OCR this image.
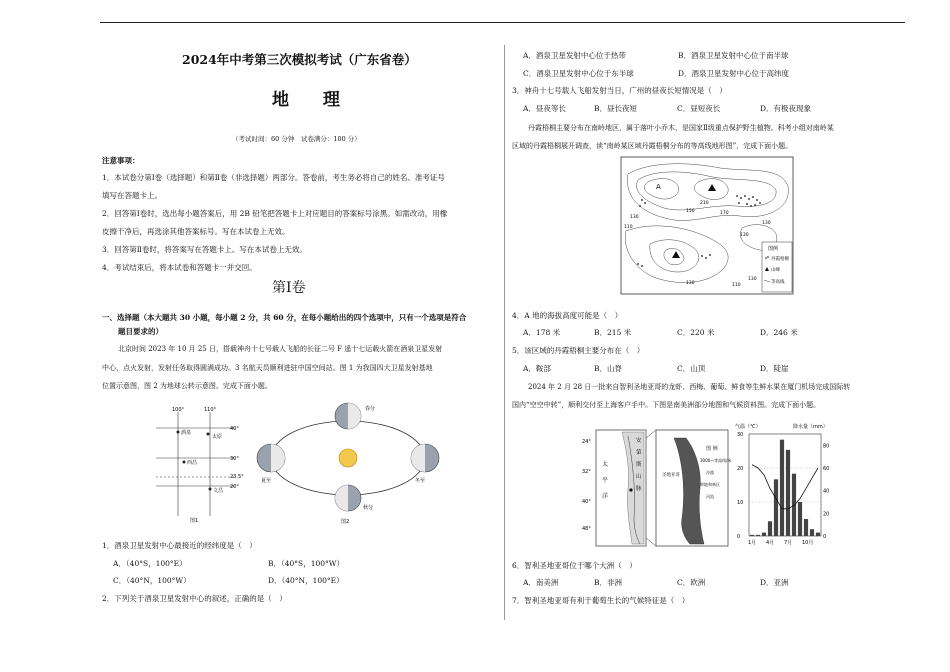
2024年中考第三次模拟考试（广东省卷）
地 理
（考试时间：60 分钟　试卷满分：100 分）
注意事项：
1．本试卷分第Ⅰ卷（选择题）和第Ⅱ卷（非选择题）两部分。答卷前，考生务必将自己的姓名、准考证号
填写在答题卡上。
2．回答第Ⅰ卷时，选出每小题答案后，用 2B 铅笔把答题卡上对应题目的答案标号涂黑。如需改动，用橡
皮擦干净后，再选涂其他答案标号。写在本试卷上无效。
3．回答第Ⅱ卷时，将答案写在答题卡上。写在本试卷上无效。
4．考试结束后，将本试卷和答题卡一并交回。
第Ⅰ卷
一、选择题（本大题共 30 小题，每小题 2 分，共 60 分，在每小题给出的四个选项中，只有一个选项是符合
题目要求的）
北京时间 2023 年 10 月 25 日，搭载神舟十七号载人飞船的长征二号 F 遥十七运载火箭在酒泉卫星发射
中心，点火发射，发射任务取得圆满成功。3 名航天员顺利进驻中国空间站。图 1 为我国四大卫星发射基地
位置示意图，图 2 为地球公转示意图。完成下面小题。
100°	110°
40°
30°
23.5°
20°
酒泉
太原
西昌
文昌
图1
春分
夏至
秋分
冬至
图2
1．酒泉卫星发射中心最接近的经纬度是（　）
A．（40°S，100°E）	B．（40°S，100°W）
C．（40°N，100°W）	D．（40°N，100°E）
2．下列关于酒泉卫星发射中心的叙述，正确的是（　）
A．酒泉卫星发射中心位于热带	B．酒泉卫星发射中心位于南半球
C．酒泉卫星发射中心位于东半球	D．酒泉卫星发射中心位于高纬度
3．神舟十七号载人飞船发射当日，广州的昼夜长短情况是（　）
A．昼夜等长	B．昼长夜短	C．昼短夜长	D．有极夜现象
丹霞梧桐主要分布在南岭地区，属于落叶小乔木，是国家Ⅱ级重点保护野生植物。科考小组对南岭某
区域的丹霞梧桐展开调查，读“南岭某区域丹霞梧桐分布的等高线地形图”，完成下面小题。
A
210
130
150	170
130
110
130
130	110
130
图例
丹霞梧桐
山峰
等高线
4．A 地的海拔高度可能是（　）
A．178 米	B．215 米	C．220 米	D．246 米
5．该区域的丹霞梧桐主要分布在（　）
A．鞍部	B．山脊	C．山顶	D．陡崖
2024 年 2 月 28 日一批来自智利圣地亚哥的龙虾、西梅、葡萄、鲜食等生鲜水果在厦门机场完成国际转
国内“空空中转”，顺利交付至上海客户手中。下图是南美洲部分地图和气候资料图。完成下面小题。
24°
32°
40°
48°
太
平
洋
安
第
斯
山
脉
圣地亚哥
图 例
3000—等高线/米
沙漠
草地和林区
河流
气温（℃）	降水量（mm）
30
20
10
0
80
60
40
20
0
1月 4月 7月 10月
6．智利圣地亚哥位于哪个大洲（　）
A．南美洲	B．非洲	C．欧洲	D．亚洲
7．智利圣地亚哥有利于葡萄生长的气候特征是（　）
